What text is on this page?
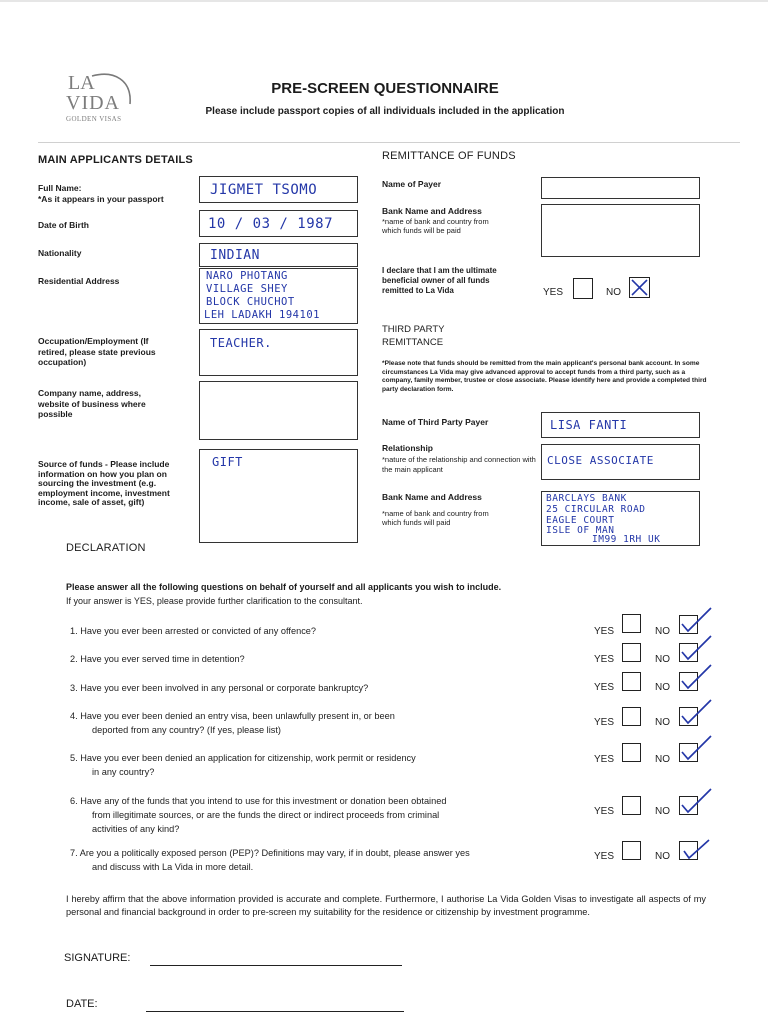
LA
VIDA
GOLDEN VISAS
PRE-SCREEN QUESTIONNAIRE
Please include passport copies of all individuals included in the application
MAIN APPLICANTS DETAILS
Full Name:
*As it appears in your passport
JIGMET TSOMO
Date of Birth	10 / 03 / 1987
Nationality	INDIAN
Residential Address	NARO PHOTANG
VILLAGE SHEY
BLOCK CHUCHOT
LEH LADAKH 194101
Occupation/Employment (If retired, please state previous occupation)
TEACHER.
Company name, address, website of business where possible
Source of funds - Please include information on how you plan on sourcing the investment (e.g. employment income, investment income, sale of asset, gift)
GIFT
REMITTANCE OF FUNDS
Name of Payer
Bank Name and Address
*name of bank and country from which funds will be paid
I declare that I am the ultimate beneficial owner of all funds remitted to La Vida	YES	NO
THIRD PARTY REMITTANCE
*Please note that funds should be remitted from the main applicant's personal bank account. In some circumstances La Vida may give advanced approval to accept funds from a third party, such as a company, family member, trustee or close associate. Please identify here and provide a completed third party declaration form.
Name of Third Party Payer	LISA FANTI
Relationship
*nature of the relationship and connection with the main applicant
CLOSE ASSOCIATE
Bank Name and Address
*name of bank and country from which funds will paid
BARCLAYS BANK
25 CIRCULAR ROAD
EAGLE COURT
ISLE OF MAN
IM99 1RH UK
DECLARATION
Please answer all the following questions on behalf of yourself and all applicants you wish to include.
If your answer is YES, please provide further clarification to the consultant.
1. Have you ever been arrested or convicted of any offence?	YES	NO
2. Have you ever served time in detention?	YES	NO
3. Have you ever been involved in any personal or corporate bankruptcy?	YES	NO
4. Have you ever been denied an entry visa, been unlawfully present in, or been
deported from any country? (If yes, please list)
YES	NO
5. Have you ever been denied an application for citizenship, work permit or residency
in any country?
YES	NO
6. Have any of the funds that you intend to use for this investment or donation been obtained
from illegitimate sources, or are the funds the direct or indirect proceeds from criminal
activities of any kind?
YES	NO
7. Are you a politically exposed person (PEP)? Definitions may vary, if in doubt, please answer yes
and discuss with La Vida in more detail.
YES	NO
I hereby affirm that the above information provided is accurate and complete. Furthermore, I authorise La Vida Golden Visas to investigate all aspects of my personal and financial background in order to pre-screen my suitability for the residence or citizenship by investment programme.
SIGNATURE:
DATE:
